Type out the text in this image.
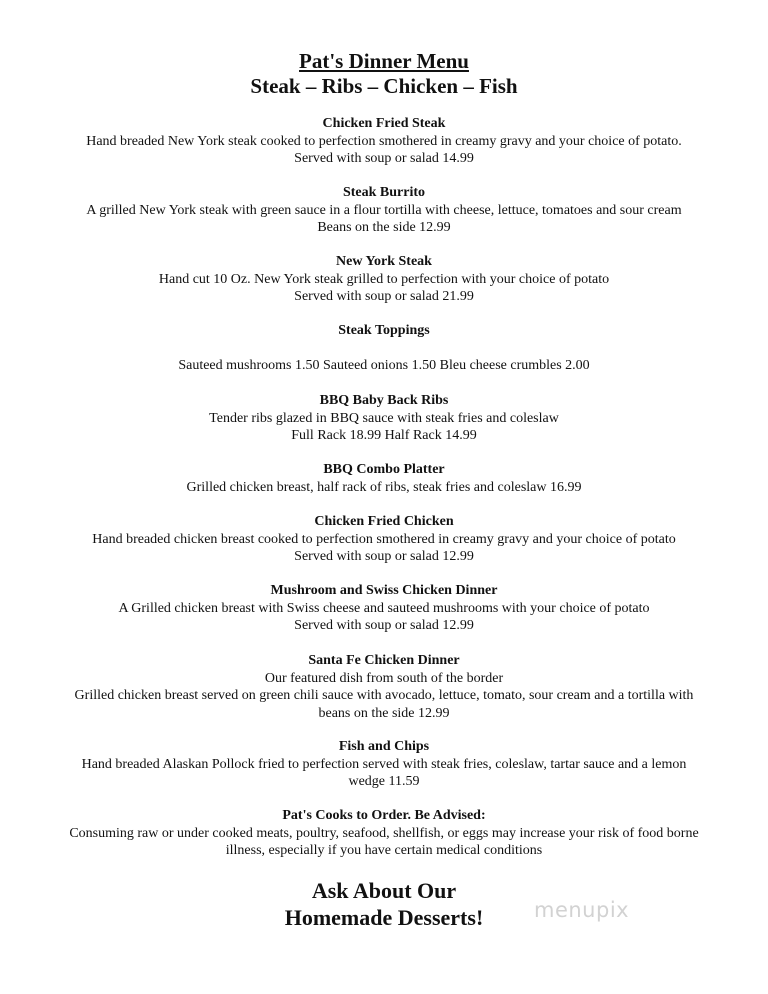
Pat's Dinner Menu
Steak – Ribs – Chicken – Fish
Chicken Fried Steak
Hand breaded New York steak cooked to perfection smothered in creamy gravy and your choice of potato.
Served with soup or salad 14.99
Steak Burrito
A grilled New York steak with green sauce in a flour tortilla with cheese, lettuce, tomatoes and sour cream
Beans on the side 12.99
New York Steak
Hand cut 10 Oz. New York steak grilled to perfection with your choice of potato
Served with soup or salad 21.99
Steak Toppings
Sauteed mushrooms 1.50 Sauteed onions 1.50 Bleu cheese crumbles 2.00
BBQ Baby Back Ribs
Tender ribs glazed in BBQ sauce with steak fries and coleslaw
Full Rack 18.99 Half Rack 14.99
BBQ Combo Platter
Grilled chicken breast, half rack of ribs, steak fries and coleslaw 16.99
Chicken Fried Chicken
Hand breaded chicken breast cooked to perfection smothered in creamy gravy and your choice of potato
Served with soup or salad 12.99
Mushroom and Swiss Chicken Dinner
A Grilled chicken breast with Swiss cheese and sauteed mushrooms with your choice of potato
Served with soup or salad 12.99
Santa Fe Chicken Dinner
Our featured dish from south of the border
Grilled chicken breast served on green chili sauce with avocado, lettuce, tomato, sour cream and a tortilla with
beans on the side 12.99
Fish and Chips
Hand breaded Alaskan Pollock fried to perfection served with steak fries, coleslaw, tartar sauce and a lemon
wedge 11.59
Pat's Cooks to Order. Be Advised:
Consuming raw or under cooked meats, poultry, seafood, shellfish, or eggs may increase your risk of food borne
illness, especially if you have certain medical conditions
Ask About Our
Homemade Desserts!	menupix
